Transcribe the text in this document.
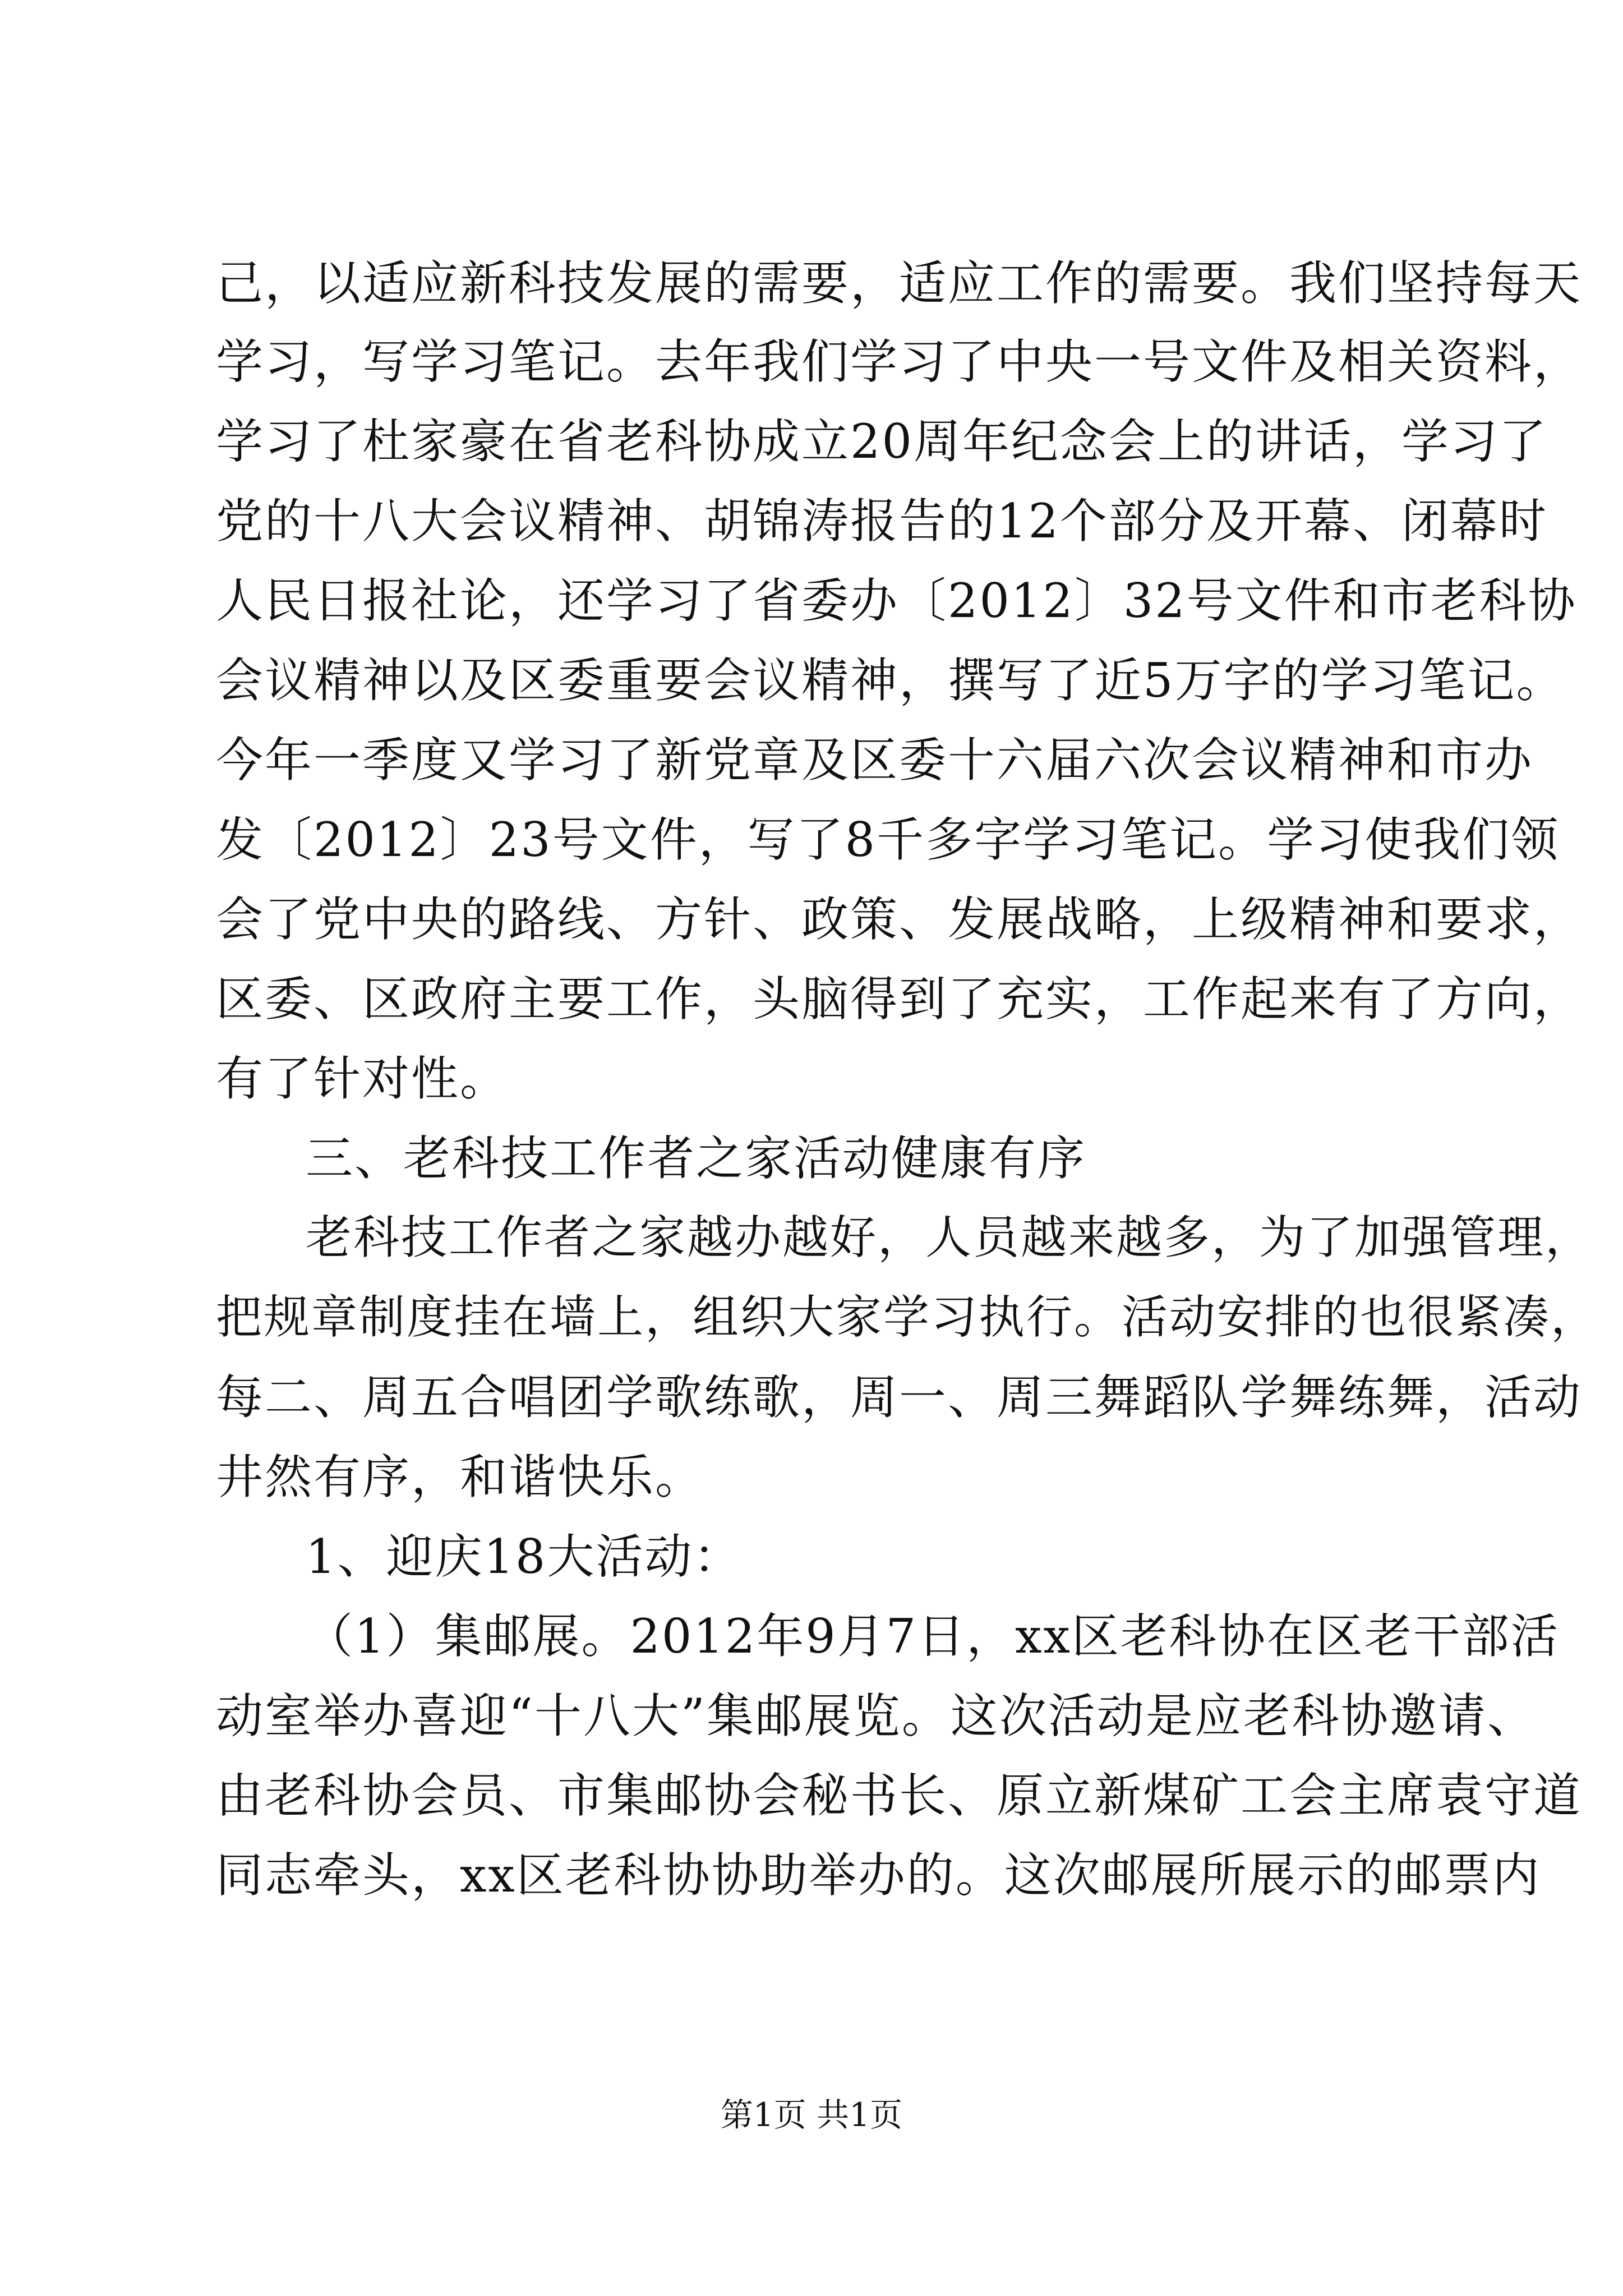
己，以适应新科技发展的需要，适应工作的需要。我们坚持每天
学习，写学习笔记。去年我们学习了中央一号文件及相关资料，
学习了杜家豪在省老科协成立20周年纪念会上的讲话，学习了
党的十八大会议精神、胡锦涛报告的12个部分及开幕、闭幕时
人民日报社论，还学习了省委办〔2012〕32号文件和市老科协
会议精神以及区委重要会议精神，撰写了近5万字的学习笔记。
今年一季度又学习了新党章及区委十六届六次会议精神和市办
发〔2012〕23号文件，写了8千多字学习笔记。学习使我们领
会了党中央的路线、方针、政策、发展战略，上级精神和要求，
区委、区政府主要工作，头脑得到了充实，工作起来有了方向，
有了针对性。
三、老科技工作者之家活动健康有序
老科技工作者之家越办越好，人员越来越多，为了加强管理，
把规章制度挂在墙上，组织大家学习执行。活动安排的也很紧凑，
每二、周五合唱团学歌练歌，周一、周三舞蹈队学舞练舞，活动
井然有序，和谐快乐。
1、迎庆18大活动：
（1）集邮展。2012年9月7日，xx区老科协在区老干部活
动室举办喜迎“十八大”集邮展览。这次活动是应老科协邀请、
由老科协会员、市集邮协会秘书长、原立新煤矿工会主席袁守道
同志牵头，xx区老科协协助举办的。这次邮展所展示的邮票内
第1页 共1页
